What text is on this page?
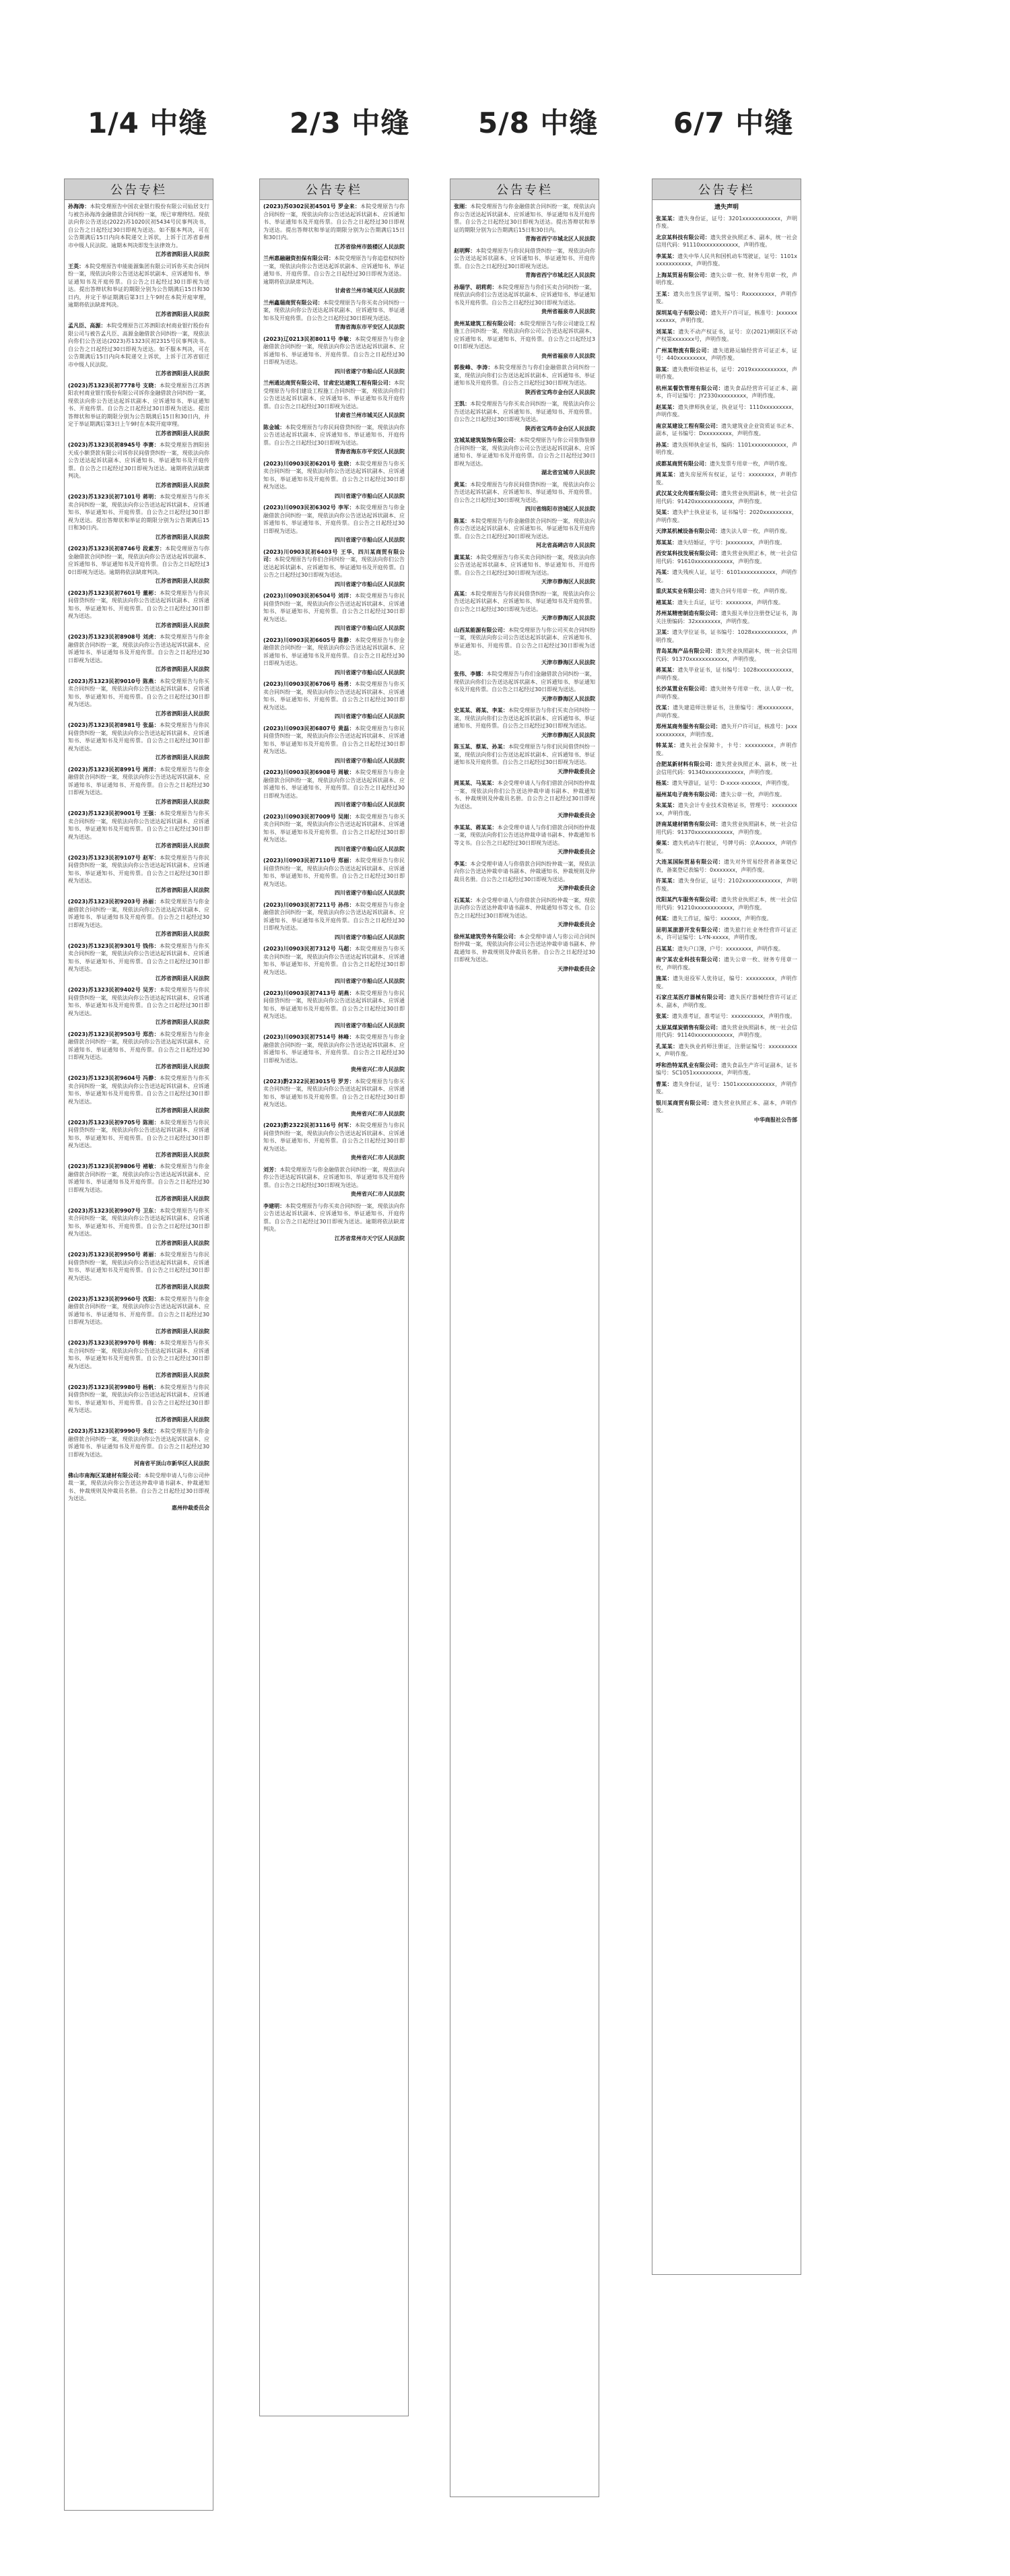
1/4 中缝	2/3 中缝 5/8 中缝	6/7 中缝
公告专栏
孙海涛：本院受理原告中国农业银行股份有限公司仙居支行与被告孙海涛金融借款合同纠纷一案，现已审理终结。现依法向你公告送达(2022)苏1020民初5434号民事判决书，自公告之日起经过30日即视为送达。如不服本判决，可在公告期满后15日内向本院递交上诉状，上诉于江苏省泰州市中级人民法院。逾期本判决即发生法律效力。
江苏省泗阳县人民法院
王英：本院受理原告申能能源集团有限公司诉你买卖合同纠纷一案，现依法向你公告送达起诉状副本、应诉通知书、举证通知书及开庭传票。自公告之日起经过30日即视为送达。提出答辩状和举证的期限分别为公告期满后15日和30日内，并定于举证期满后第3日上午9时在本院开庭审理，逾期将依法缺席判决。
江苏省泗阳县人民法院
孟凡臣、高源：本院受理原告江苏泗阳农村商业银行股份有限公司与被告孟凡臣、高源金融借款合同纠纷一案，现依法向你们公告送达(2023)苏1323民初2315号民事判决书。自公告之日起经过30日即视为送达。如不服本判决，可在公告期满后15日内向本院递交上诉状，上诉于江苏省宿迁市中级人民法院。
江苏省泗阳县人民法院
(2023)苏1323民初7778号 支晓：本院受理原告江苏泗阳农村商业银行股份有限公司诉你金融借款合同纠纷一案，现依法向你公告送达起诉状副本、应诉通知书、举证通知书、开庭传票。自公告之日起经过30日即视为送达。提出答辩状和举证的期限分别为公告期满后15日和30日内，并定于举证期满后第3日上午9时在本院开庭审理。
江苏省泗阳县人民法院
(2023)苏1323民初8945号 李赛：本院受理原告泗阳县天成小额贷款有限公司诉你民间借贷纠纷一案，现依法向你公告送达起诉状副本、应诉通知书、举证通知书及开庭传票。自公告之日起经过30日即视为送达。逾期将依法缺席判决。
江苏省泗阳县人民法院
(2023)苏1323民初7101号 蒋明：本院受理原告与你买卖合同纠纷一案，现依法向你公告送达起诉状副本、应诉通知书、举证通知书、开庭传票。自公告之日起经过30日即视为送达。提出答辩状和举证的期限分别为公告期满后15日和30日内。
江苏省泗阳县人民法院
(2023)苏1323民初8746号 段素芳：本院受理原告与你金融借款合同纠纷一案，现依法向你公告送达起诉状副本、应诉通知书、举证通知书及开庭传票。自公告之日起经过30日即视为送达。逾期将依法缺席判决。
江苏省泗阳县人民法院
(2023)苏1323民初7601号 董彬：本院受理原告与你民间借贷纠纷一案，现依法向你公告送达起诉状副本、应诉通知书、举证通知书、开庭传票。自公告之日起经过30日即视为送达。
江苏省泗阳县人民法院
(2023)苏1323民初8908号 刘虎：本院受理原告与你金融借款合同纠纷一案，现依法向你公告送达起诉状副本、应诉通知书、举证通知书及开庭传票。自公告之日起经过30日即视为送达。
江苏省泗阳县人民法院
(2023)苏1323民初9010号 陈燕：本院受理原告与你买卖合同纠纷一案，现依法向你公告送达起诉状副本、应诉通知书、举证通知书、开庭传票。自公告之日起经过30日即视为送达。
江苏省泗阳县人民法院
(2023)苏1323民初8981号 张磊：本院受理原告与你民间借贷纠纷一案，现依法向你公告送达起诉状副本、应诉通知书、举证通知书及开庭传票。自公告之日起经过30日即视为送达。
江苏省泗阳县人民法院
(2023)苏1323民初8991号 周洋：本院受理原告与你金融借款合同纠纷一案，现依法向你公告送达起诉状副本、应诉通知书、举证通知书、开庭传票。自公告之日起经过30日即视为送达。
江苏省泗阳县人民法院
(2023)苏1323民初9001号 王强：本院受理原告与你买卖合同纠纷一案，现依法向你公告送达起诉状副本、应诉通知书、举证通知书及开庭传票。自公告之日起经过30日即视为送达。
江苏省泗阳县人民法院
(2023)苏1323民初9107号 赵军：本院受理原告与你民间借贷纠纷一案，现依法向你公告送达起诉状副本、应诉通知书、举证通知书、开庭传票。自公告之日起经过30日即视为送达。
江苏省泗阳县人民法院
(2023)苏1323民初9203号 孙丽：本院受理原告与你金融借款合同纠纷一案，现依法向你公告送达起诉状副本、应诉通知书、举证通知书及开庭传票。自公告之日起经过30日即视为送达。
江苏省泗阳县人民法院
(2023)苏1323民初9301号 钱伟：本院受理原告与你买卖合同纠纷一案，现依法向你公告送达起诉状副本、应诉通知书、举证通知书、开庭传票。自公告之日起经过30日即视为送达。
江苏省泗阳县人民法院
(2023)苏1323民初9402号 吴芳：本院受理原告与你民间借贷纠纷一案，现依法向你公告送达起诉状副本、应诉通知书、举证通知书及开庭传票。自公告之日起经过30日即视为送达。
江苏省泗阳县人民法院
(2023)苏1323民初9503号 郑浩：本院受理原告与你金融借款合同纠纷一案，现依法向你公告送达起诉状副本、应诉通知书、举证通知书、开庭传票。自公告之日起经过30日即视为送达。
江苏省泗阳县人民法院
(2023)苏1323民初9604号 冯静：本院受理原告与你买卖合同纠纷一案，现依法向你公告送达起诉状副本、应诉通知书、举证通知书及开庭传票。自公告之日起经过30日即视为送达。
江苏省泗阳县人民法院
(2023)苏1323民初9705号 陈刚：本院受理原告与你民间借贷纠纷一案，现依法向你公告送达起诉状副本、应诉通知书、举证通知书、开庭传票。自公告之日起经过30日即视为送达。
江苏省泗阳县人民法院
(2023)苏1323民初9806号 褚敏：本院受理原告与你金融借款合同纠纷一案，现依法向你公告送达起诉状副本、应诉通知书、举证通知书及开庭传票。自公告之日起经过30日即视为送达。
江苏省泗阳县人民法院
(2023)苏1323民初9907号 卫东：本院受理原告与你买卖合同纠纷一案，现依法向你公告送达起诉状副本、应诉通知书、举证通知书、开庭传票。自公告之日起经过30日即视为送达。
江苏省泗阳县人民法院
(2023)苏1323民初9950号 蒋丽：本院受理原告与你民间借贷纠纷一案，现依法向你公告送达起诉状副本、应诉通知书、举证通知书及开庭传票。自公告之日起经过30日即视为送达。
江苏省泗阳县人民法院
(2023)苏1323民初9960号 沈阳：本院受理原告与你金融借款合同纠纷一案，现依法向你公告送达起诉状副本、应诉通知书、举证通知书、开庭传票。自公告之日起经过30日即视为送达。
江苏省泗阳县人民法院
(2023)苏1323民初9970号 韩梅：本院受理原告与你买卖合同纠纷一案，现依法向你公告送达起诉状副本、应诉通知书、举证通知书及开庭传票。自公告之日起经过30日即视为送达。
江苏省泗阳县人民法院
(2023)苏1323民初9980号 杨帆：本院受理原告与你民间借贷纠纷一案，现依法向你公告送达起诉状副本、应诉通知书、举证通知书、开庭传票。自公告之日起经过30日即视为送达。
江苏省泗阳县人民法院
(2023)苏1323民初9990号 朱红：本院受理原告与你金融借款合同纠纷一案，现依法向你公告送达起诉状副本、应诉通知书、举证通知书及开庭传票。自公告之日起经过30日即视为送达。
河南省平顶山市新华区人民法院
佛山市南海区某建材有限公司：本院受理申请人与你公司仲裁一案，现依法向你公告送达仲裁申请书副本、仲裁通知书、仲裁规则及仲裁员名册。自公告之日起经过30日即视为送达。
惠州仲裁委员会
公告专栏
(2023)苏0302民初4501号 罗金来：本院受理原告与你合同纠纷一案，现依法向你公告送达起诉状副本、应诉通知书、举证通知书及开庭传票。自公告之日起经过30日即视为送达。提出答辩状和举证的期限分别为公告期满后15日和30日内。
江苏省徐州市鼓楼区人民法院
兰州惠融融资担保有限公司：本院受理原告与你追偿权纠纷一案，现依法向你公告送达起诉状副本、应诉通知书、举证通知书、开庭传票。自公告之日起经过30日即视为送达。逾期将依法缺席判决。
甘肃省兰州市城关区人民法院
兰州鑫瑞商贸有限公司：本院受理原告与你买卖合同纠纷一案，现依法向你公告送达起诉状副本、应诉通知书、举证通知书及开庭传票。自公告之日起经过30日即视为送达。
青海省海东市平安区人民法院
(2023)辽0213民初8011号 李敏：本院受理原告与你金融借款合同纠纷一案，现依法向你公告送达起诉状副本、应诉通知书、举证通知书、开庭传票。自公告之日起经过30日即视为送达。
四川省遂宁市船山区人民法院
兰州通达商贸有限公司、甘肃宏达建筑工程有限公司：本院受理原告与你们建设工程施工合同纠纷一案，现依法向你们公告送达起诉状副本、应诉通知书、举证通知书及开庭传票。自公告之日起经过30日即视为送达。
甘肃省兰州市城关区人民法院
陈金城：本院受理原告与你民间借贷纠纷一案，现依法向你公告送达起诉状副本、应诉通知书、举证通知书、开庭传票。自公告之日起经过30日即视为送达。
青海省海东市平安区人民法院
(2023)川0903民初6201号 张晓：本院受理原告与你买卖合同纠纷一案，现依法向你公告送达起诉状副本、应诉通知书、举证通知书及开庭传票。自公告之日起经过30日即视为送达。
四川省遂宁市船山区人民法院
(2023)川0903民初6302号 李军：本院受理原告与你金融借款合同纠纷一案，现依法向你公告送达起诉状副本、应诉通知书、举证通知书、开庭传票。自公告之日起经过30日即视为送达。
四川省遂宁市船山区人民法院
(2023)川0903民初6403号 王华、四川某商贸有限公司：本院受理原告与你们合同纠纷一案，现依法向你们公告送达起诉状副本、应诉通知书、举证通知书及开庭传票。自公告之日起经过30日即视为送达。
四川省遂宁市船山区人民法院
(2023)川0903民初6504号 刘洋：本院受理原告与你民间借贷纠纷一案，现依法向你公告送达起诉状副本、应诉通知书、举证通知书、开庭传票。自公告之日起经过30日即视为送达。
四川省遂宁市船山区人民法院
(2023)川0903民初6605号 陈静：本院受理原告与你金融借款合同纠纷一案，现依法向你公告送达起诉状副本、应诉通知书、举证通知书及开庭传票。自公告之日起经过30日即视为送达。
四川省遂宁市船山区人民法院
(2023)川0903民初6706号 杨勇：本院受理原告与你买卖合同纠纷一案，现依法向你公告送达起诉状副本、应诉通知书、举证通知书、开庭传票。自公告之日起经过30日即视为送达。
四川省遂宁市船山区人民法院
(2023)川0903民初6807号 黄磊：本院受理原告与你民间借贷纠纷一案，现依法向你公告送达起诉状副本、应诉通知书、举证通知书及开庭传票。自公告之日起经过30日即视为送达。
四川省遂宁市船山区人民法院
(2023)川0903民初6908号 周敏：本院受理原告与你金融借款合同纠纷一案，现依法向你公告送达起诉状副本、应诉通知书、举证通知书、开庭传票。自公告之日起经过30日即视为送达。
四川省遂宁市船山区人民法院
(2023)川0903民初7009号 吴刚：本院受理原告与你买卖合同纠纷一案，现依法向你公告送达起诉状副本、应诉通知书、举证通知书及开庭传票。自公告之日起经过30日即视为送达。
四川省遂宁市船山区人民法院
(2023)川0903民初7110号 郑丽：本院受理原告与你民间借贷纠纷一案，现依法向你公告送达起诉状副本、应诉通知书、举证通知书、开庭传票。自公告之日起经过30日即视为送达。
四川省遂宁市船山区人民法院
(2023)川0903民初7211号 孙伟：本院受理原告与你金融借款合同纠纷一案，现依法向你公告送达起诉状副本、应诉通知书、举证通知书及开庭传票。自公告之日起经过30日即视为送达。
四川省遂宁市船山区人民法院
(2023)川0903民初7312号 马超：本院受理原告与你买卖合同纠纷一案，现依法向你公告送达起诉状副本、应诉通知书、举证通知书、开庭传票。自公告之日起经过30日即视为送达。
四川省遂宁市船山区人民法院
(2023)川0903民初7413号 胡燕：本院受理原告与你民间借贷纠纷一案，现依法向你公告送达起诉状副本、应诉通知书、举证通知书及开庭传票。自公告之日起经过30日即视为送达。
四川省遂宁市船山区人民法院
(2023)川0903民初7514号 林峰：本院受理原告与你金融借款合同纠纷一案，现依法向你公告送达起诉状副本、应诉通知书、举证通知书、开庭传票。自公告之日起经过30日即视为送达。
贵州省兴仁市人民法院
(2023)黔2322民初3015号 罗芳：本院受理原告与你买卖合同纠纷一案，现依法向你公告送达起诉状副本、应诉通知书、举证通知书及开庭传票。自公告之日起经过30日即视为送达。
贵州省兴仁市人民法院
(2023)黔2322民初3116号 何军：本院受理原告与你民间借贷纠纷一案，现依法向你公告送达起诉状副本、应诉通知书、举证通知书、开庭传票。自公告之日起经过30日即视为送达。
贵州省兴仁市人民法院
刘芳：本院受理原告与你金融借款合同纠纷一案，现依法向你公告送达起诉状副本、应诉通知书、举证通知书及开庭传票。自公告之日起经过30日即视为送达。
贵州省兴仁市人民法院
李建明：本院受理原告与你买卖合同纠纷一案，现依法向你公告送达起诉状副本、应诉通知书、举证通知书、开庭传票。自公告之日起经过30日即视为送达。逾期将依法缺席判决。
江苏省常州市天宁区人民法院
公告专栏
张刚：本院受理原告与你金融借款合同纠纷一案，现依法向你公告送达起诉状副本、应诉通知书、举证通知书及开庭传票。自公告之日起经过30日即视为送达。提出答辩状和举证的期限分别为公告期满后15日和30日内。
青海省西宁市城北区人民法院
赵明辉：本院受理原告与你民间借贷纠纷一案，现依法向你公告送达起诉状副本、应诉通知书、举证通知书、开庭传票。自公告之日起经过30日即视为送达。
青海省西宁市城北区人民法院
孙瑞学、胡莉莉：本院受理原告与你们买卖合同纠纷一案，现依法向你们公告送达起诉状副本、应诉通知书、举证通知书及开庭传票。自公告之日起经过30日即视为送达。
贵州省福泉市人民法院
贵州某建筑工程有限公司：本院受理原告与你公司建设工程施工合同纠纷一案，现依法向你公司公告送达起诉状副本、应诉通知书、举证通知书、开庭传票。自公告之日起经过30日即视为送达。
贵州省福泉市人民法院
郭俊峰、李涛：本院受理原告与你们金融借款合同纠纷一案，现依法向你们公告送达起诉状副本、应诉通知书、举证通知书及开庭传票。自公告之日起经过30日即视为送达。
陕西省宝鸡市金台区人民法院
王凯：本院受理原告与你买卖合同纠纷一案，现依法向你公告送达起诉状副本、应诉通知书、举证通知书、开庭传票。自公告之日起经过30日即视为送达。
陕西省宝鸡市金台区人民法院
宜城某建筑装饰有限公司：本院受理原告与你公司装饰装修合同纠纷一案，现依法向你公司公告送达起诉状副本、应诉通知书、举证通知书及开庭传票。自公告之日起经过30日即视为送达。
湖北省宜城市人民法院
黄某：本院受理原告与你民间借贷纠纷一案，现依法向你公告送达起诉状副本、应诉通知书、举证通知书、开庭传票。自公告之日起经过30日即视为送达。
四川省绵阳市涪城区人民法院
陈某：本院受理原告与你金融借款合同纠纷一案，现依法向你公告送达起诉状副本、应诉通知书、举证通知书及开庭传票。自公告之日起经过30日即视为送达。
河北省高碑店市人民法院
冀某某：本院受理原告与你买卖合同纠纷一案，现依法向你公告送达起诉状副本、应诉通知书、举证通知书、开庭传票。自公告之日起经过30日即视为送达。
天津市静海区人民法院
高某：本院受理原告与你民间借贷纠纷一案，现依法向你公告送达起诉状副本、应诉通知书、举证通知书及开庭传票。自公告之日起经过30日即视为送达。
天津市静海区人民法院
山西某能源有限公司：本院受理原告与你公司买卖合同纠纷一案，现依法向你公司公告送达起诉状副本、应诉通知书、举证通知书、开庭传票。自公告之日起经过30日即视为送达。
天津市静海区人民法院
张伟、李娜：本院受理原告与你们金融借款合同纠纷一案，现依法向你们公告送达起诉状副本、应诉通知书、举证通知书及开庭传票。自公告之日起经过30日即视为送达。
天津市静海区人民法院
史某某、蒋某、李某：本院受理原告与你们买卖合同纠纷一案，现依法向你们公告送达起诉状副本、应诉通知书、举证通知书、开庭传票。自公告之日起经过30日即视为送达。
天津市静海区人民法院
陈玉某、蔡某、孙某：本院受理原告与你们民间借贷纠纷一案，现依法向你们公告送达起诉状副本、应诉通知书、举证通知书及开庭传票。自公告之日起经过30日即视为送达。
天津仲裁委员会
周某某、马某某：本会受理申请人与你们借款合同纠纷仲裁一案，现依法向你们公告送达仲裁申请书副本、仲裁通知书、仲裁规则及仲裁员名册。自公告之日起经过30日即视为送达。
天津仲裁委员会
李某某、蒋某某：本会受理申请人与你们借款合同纠纷仲裁一案，现依法向你们公告送达仲裁申请书副本、仲裁通知书等文书。自公告之日起经过30日即视为送达。
天津仲裁委员会
李某：本会受理申请人与你借款合同纠纷仲裁一案，现依法向你公告送达仲裁申请书副本、仲裁通知书、仲裁规则及仲裁员名册。自公告之日起经过30日即视为送达。
天津仲裁委员会
石某某：本会受理申请人与你借款合同纠纷仲裁一案，现依法向你公告送达仲裁申请书副本、仲裁通知书等文书。自公告之日起经过30日即视为送达。
天津仲裁委员会
徐州某建筑劳务有限公司：本会受理申请人与你公司合同纠纷仲裁一案，现依法向你公司公告送达仲裁申请书副本、仲裁通知书、仲裁规则及仲裁员名册。自公告之日起经过30日即视为送达。
天津仲裁委员会
公告专栏
遗失声明
张某某：遗失身份证，证号：3201xxxxxxxxxxxx，声明作废。
北京某科技有限公司：遗失营业执照正本、副本，统一社会信用代码：91110xxxxxxxxxxxx，声明作废。
李某某：遗失中华人民共和国机动车驾驶证，证号：1101xxxxxxxxxxxx，声明作废。
上海某贸易有限公司：遗失公章一枚、财务专用章一枚，声明作废。
王某：遗失出生医学证明，编号：Rxxxxxxxxx，声明作废。
深圳某电子有限公司：遗失开户许可证，核准号：Jxxxxxxxxxxxx，声明作废。
刘某某：遗失不动产权证书，证号：京(2021)朝阳区不动产权第xxxxxxx号，声明作废。
广州某物流有限公司：遗失道路运输经营许可证正本，证号：440xxxxxxxxx，声明作废。
陈某：遗失教师资格证书，证号：2019xxxxxxxxxxx，声明作废。
杭州某餐饮管理有限公司：遗失食品经营许可证正本、副本，许可证编号：JY2330xxxxxxxxx，声明作废。
赵某某：遗失律师执业证，执业证号：1110xxxxxxxxx，声明作废。
南京某建设工程有限公司：遗失建筑业企业资质证书正本、副本，证书编号：Dxxxxxxxxx，声明作废。
孙某：遗失医师执业证书，编码：1101xxxxxxxxxxx，声明作废。
成都某商贸有限公司：遗失发票专用章一枚，声明作废。
周某某：遗失房屋所有权证，证号：xxxxxxxx，声明作废。
武汉某文化传媒有限公司：遗失营业执照副本，统一社会信用代码：91420xxxxxxxxxxxx，声明作废。
吴某：遗失护士执业证书，证书编号：2020xxxxxxxxx，声明作废。
天津某机械设备有限公司：遗失法人章一枚，声明作废。
郑某某：遗失结婚证，字号：Jxxxxxxxx，声明作废。
西安某科技发展有限公司：遗失营业执照正本，统一社会信用代码：91610xxxxxxxxxxxx，声明作废。
冯某：遗失残疾人证，证号：6101xxxxxxxxxxx，声明作废。
重庆某实业有限公司：遗失合同专用章一枚，声明作废。
褚某某：遗失士兵证，证号：xxxxxxxx，声明作废。
苏州某精密制造有限公司：遗失报关单位注册登记证书，海关注册编码：32xxxxxxxx，声明作废。
卫某：遗失学位证书，证书编号：1028xxxxxxxxxxx，声明作废。
青岛某海产品有限公司：遗失营业执照副本，统一社会信用代码：91370xxxxxxxxxxxx，声明作废。
蒋某某：遗失毕业证书，证书编号：1028xxxxxxxxxxx，声明作废。
长沙某置业有限公司：遗失财务专用章一枚、法人章一枚，声明作废。
沈某：遗失建造师注册证书，注册编号：湘xxxxxxxxx，声明作废。
郑州某商务服务有限公司：遗失开户许可证，核准号：Jxxxxxxxxxxxx，声明作废。
韩某某：遗失社会保障卡，卡号：xxxxxxxxx，声明作废。
合肥某新材料有限公司：遗失营业执照正本、副本，统一社会信用代码：91340xxxxxxxxxxxx，声明作废。
杨某：遗失导游证，证号：D-xxxx-xxxxxx，声明作废。
福州某电子商务有限公司：遗失公章一枚，声明作废。
朱某某：遗失会计专业技术资格证书，管理号：xxxxxxxxxx，声明作废。
济南某建材销售有限公司：遗失营业执照副本，统一社会信用代码：91370xxxxxxxxxxxx，声明作废。
秦某：遗失机动车行驶证，号牌号码：京Axxxxx，声明作废。
大连某国际贸易有限公司：遗失对外贸易经营者备案登记表，备案登记表编号：0xxxxxxx，声明作废。
许某某：遗失身份证，证号：2102xxxxxxxxxxxx，声明作废。
沈阳某汽车服务有限公司：遗失营业执照正本，统一社会信用代码：91210xxxxxxxxxxxx，声明作废。
何某：遗失工作证，编号：xxxxxx，声明作废。
昆明某旅游开发有限公司：遗失旅行社业务经营许可证正本，许可证编号：L-YN-xxxxx，声明作废。
吕某某：遗失户口簿，户号：xxxxxxxx，声明作废。
南宁某农业科技有限公司：遗失公章一枚、财务专用章一枚，声明作废。
施某：遗失退役军人优待证，编号：xxxxxxxxx，声明作废。
石家庄某医疗器械有限公司：遗失医疗器械经营许可证正本、副本，声明作废。
张某：遗失准考证，准考证号：xxxxxxxxxx，声明作废。
太原某煤炭销售有限公司：遗失营业执照副本，统一社会信用代码：91140xxxxxxxxxxxx，声明作废。
孔某某：遗失执业药师注册证，注册证编号：xxxxxxxxxx，声明作废。
呼和浩特某乳业有限公司：遗失食品生产许可证副本，证书编号：SC1051xxxxxxxxx，声明作废。
曹某：遗失身份证，证号：1501xxxxxxxxxxxx，声明作废。
银川某商贸有限公司：遗失营业执照正本、副本，声明作废。
中华商报社公告部
